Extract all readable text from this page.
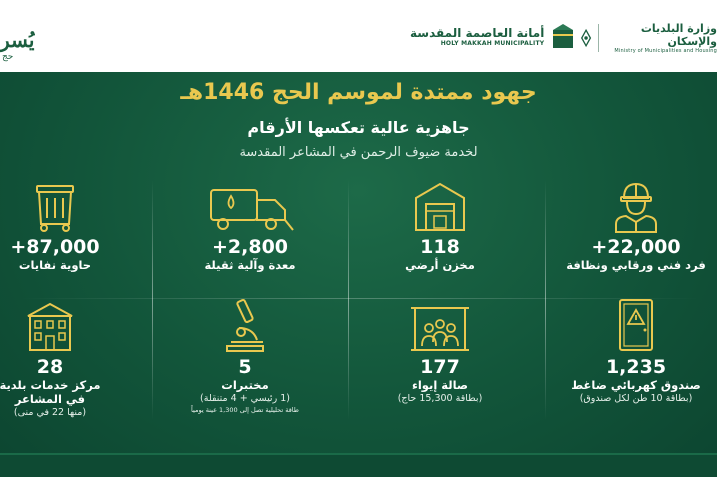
وزارة البلديات والإسكان
Ministry of Municipalities and Housing
أمانة العاصمة المقدسة
HOLY MAKKAH MUNICIPALITY
يُسر
حج
جهود ممتدة لموسم الحج 1446هـ
جاهزية عالية تعكسها الأرقام
لخدمة ضيوف الرحمن في المشاعر المقدسة
+22,000
فرد فني ورقابي ونظافة
118
مخزن أرضي
+2,800
معدة وآلية ثقيلة
+87,000
حاوية نفايات
1,235
صندوق كهربائي ضاغط
(بطاقة 10 طن لكل صندوق)
177
صالة إيواء
(بطاقة 15,300 حاج)
5
مختبرات
(1 رئيسي + 4 متنقلة)
طاقة تحليلية تصل إلى 1,300 عينة يومياً
28
مركز خدمات بلدية
في المشاعر
(منها 22 في منى)
